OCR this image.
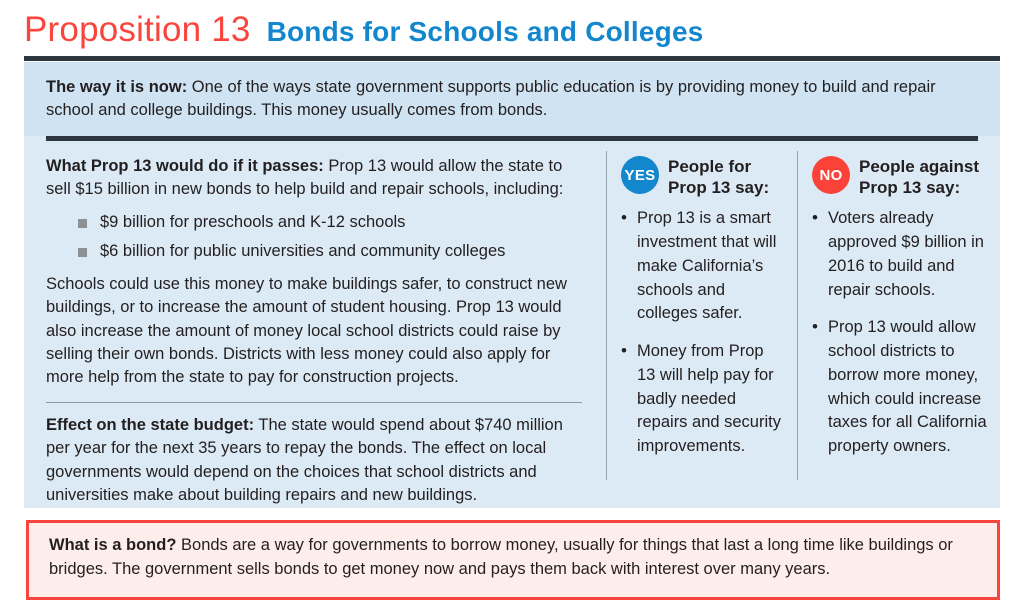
Proposition 13 Bonds for Schools and Colleges

The way it is now: One of the ways state government supports public education is by providing money to build and repair school and college buildings. This money usually comes from bonds.

What Prop 13 would do if it passes: Prop 13 would allow the state to sell $15 billion in new bonds to help build and repair schools, including:

$9 billion for preschools and K-12 schools
$6 billion for public universities and community colleges

Schools could use this money to make buildings safer, to construct new buildings, or to increase the amount of student housing. Prop 13 would also increase the amount of money local school districts could raise by selling their own bonds. Districts with less money could also apply for more help from the state to pay for construction projects.

Effect on the state budget: The state would spend about $740 million per year for the next 35 years to repay the bonds. The effect on local governments would depend on the choices that school districts and universities make about building repairs and new buildings.

YES People for Prop 13 say:
• Prop 13 is a smart investment that will make California’s schools and colleges safer.
• Money from Prop 13 will help pay for badly needed repairs and security improvements.
NO People against Prop 13 say:
• Voters already approved $9 billion in 2016 to build and repair schools.
• Prop 13 would allow school districts to borrow more money, which could increase taxes for all California property owners.

What is a bond? Bonds are a way for governments to borrow money, usually for things that last a long time like buildings or bridges. The government sells bonds to get money now and pays them back with interest over many years.
